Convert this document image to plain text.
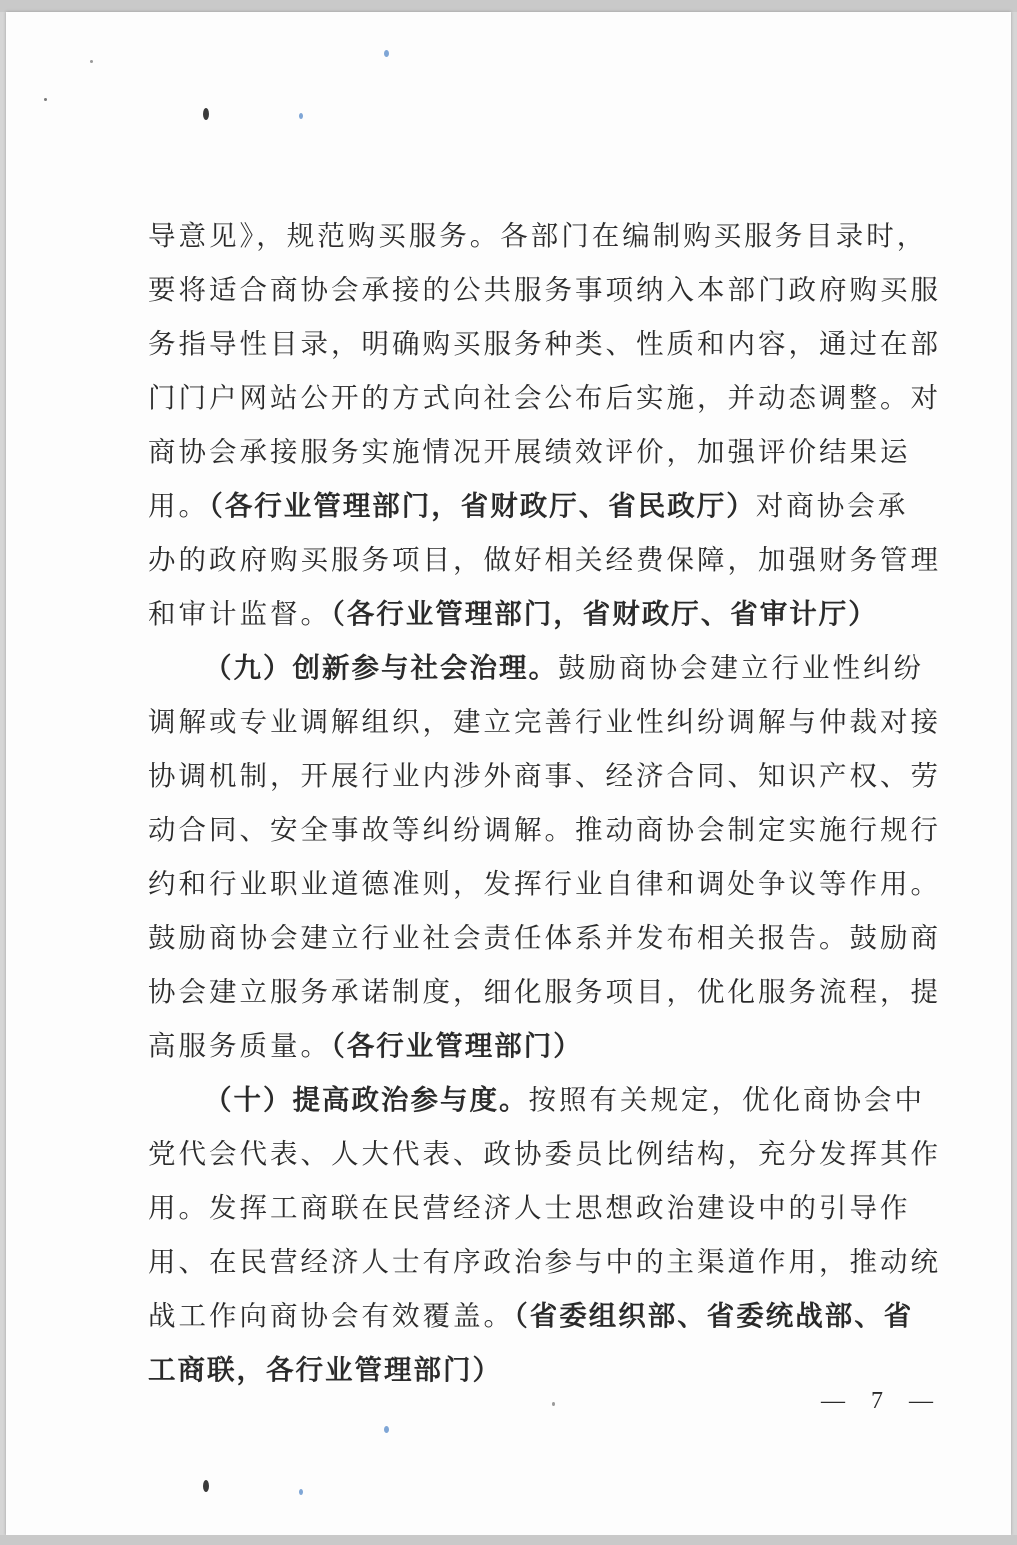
导意见》，规范购买服务。各部门在编制购买服务目录时，
要将适合商协会承接的公共服务事项纳入本部门政府购买服
务指导性目录，明确购买服务种类、性质和内容，通过在部
门门户网站公开的方式向社会公布后实施，并动态调整。对
商协会承接服务实施情况开展绩效评价，加强评价结果运
用。（各行业管理部门，省财政厅、省民政厅）对商协会承
办的政府购买服务项目，做好相关经费保障，加强财务管理
和审计监督。（各行业管理部门，省财政厅、省审计厅）
（九）创新参与社会治理。鼓励商协会建立行业性纠纷
调解或专业调解组织，建立完善行业性纠纷调解与仲裁对接
协调机制，开展行业内涉外商事、经济合同、知识产权、劳
动合同、安全事故等纠纷调解。推动商协会制定实施行规行
约和行业职业道德准则，发挥行业自律和调处争议等作用。
鼓励商协会建立行业社会责任体系并发布相关报告。鼓励商
协会建立服务承诺制度，细化服务项目，优化服务流程，提
高服务质量。（各行业管理部门）
（十）提高政治参与度。按照有关规定，优化商协会中
党代会代表、人大代表、政协委员比例结构，充分发挥其作
用。发挥工商联在民营经济人士思想政治建设中的引导作
用、在民营经济人士有序政治参与中的主渠道作用，推动统
战工作向商协会有效覆盖。（省委组织部、省委统战部、省
工商联，各行业管理部门）
— 7 —
